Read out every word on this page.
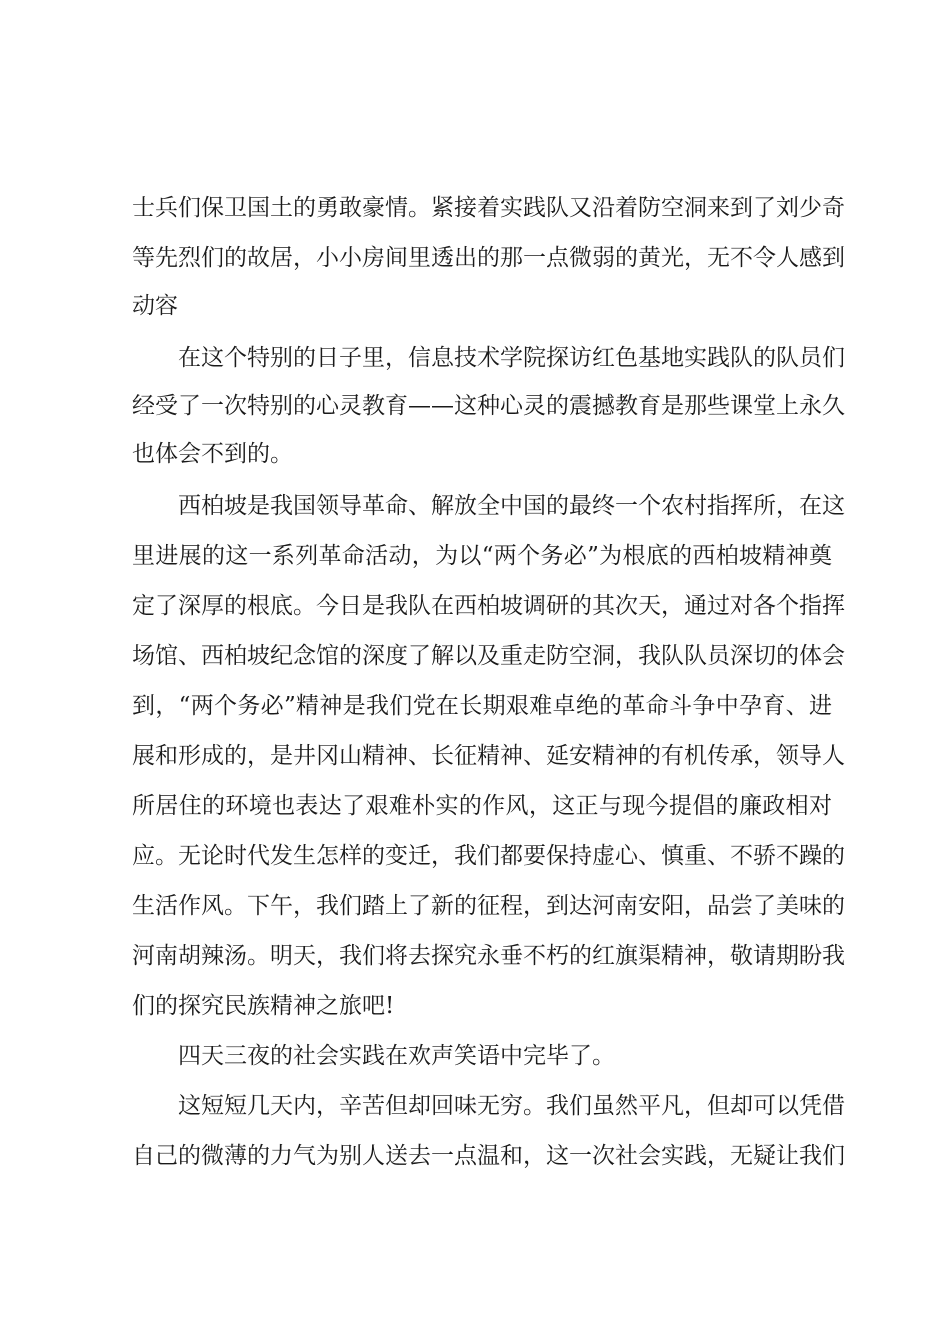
士兵们保卫国土的勇敢豪情。紧接着实践队又沿着防空洞来到了刘少奇
等先烈们的故居，小小房间里透出的那一点微弱的黄光，无不令人感到
动容
在这个特别的日子里，信息技术学院探访红色基地实践队的队员们
经受了一次特别的心灵教育——这种心灵的震撼教育是那些课堂上永久
也体会不到的。
西柏坡是我国领导革命、解放全中国的最终一个农村指挥所，在这
里进展的这一系列革命活动，为以“两个务必”为根底的西柏坡精神奠
定了深厚的根底。今日是我队在西柏坡调研的其次天，通过对各个指挥
场馆、西柏坡纪念馆的深度了解以及重走防空洞，我队队员深切的体会
到，“两个务必”精神是我们党在长期艰难卓绝的革命斗争中孕育、进
展和形成的，是井冈山精神、长征精神、延安精神的有机传承，领导人
所居住的环境也表达了艰难朴实的作风，这正与现今提倡的廉政相对
应。无论时代发生怎样的变迁，我们都要保持虚心、慎重、不骄不躁的
生活作风。下午，我们踏上了新的征程，到达河南安阳，品尝了美味的
河南胡辣汤。明天，我们将去探究永垂不朽的红旗渠精神，敬请期盼我
们的探究民族精神之旅吧!
四天三夜的社会实践在欢声笑语中完毕了。
这短短几天内，辛苦但却回味无穷。我们虽然平凡，但却可以凭借
自己的微薄的力气为别人送去一点温和，这一次社会实践，无疑让我们
